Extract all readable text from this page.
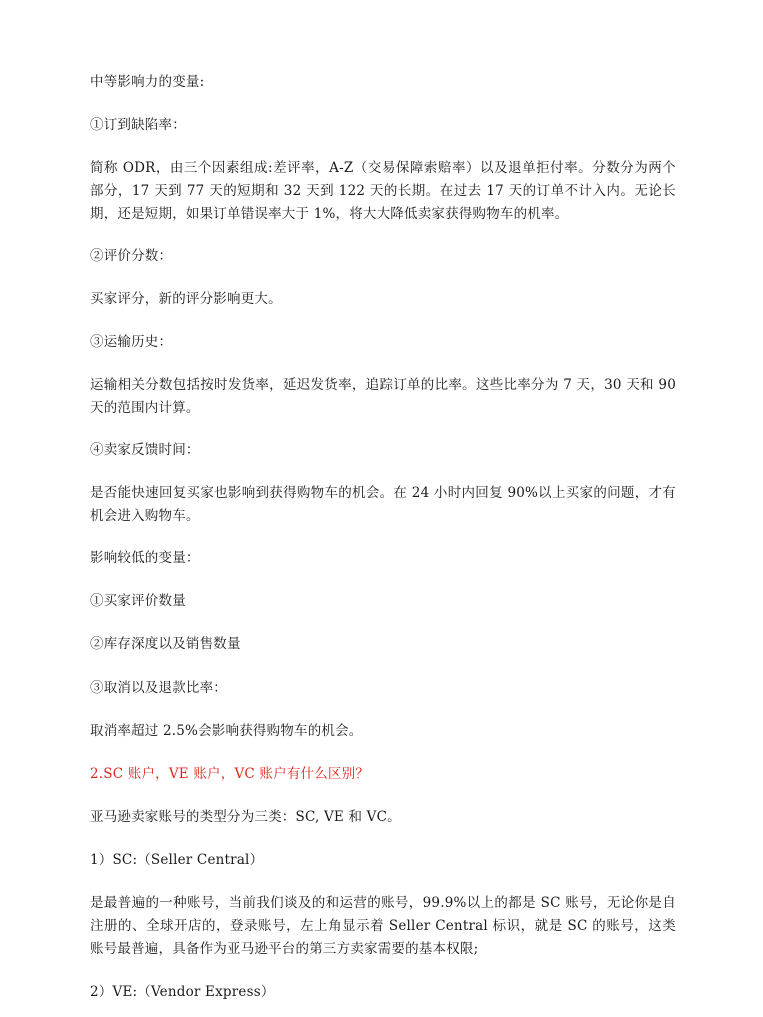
中等影响力的变量:

①订到缺陷率：

简称 ODR，由三个因素组成:差评率，A-Z（交易保障索赔率）以及退单拒付率。分数分为两个部分，17 天到 77 天的短期和 32 天到 122 天的长期。在过去 17 天的订单不计入内。无论长期，还是短期，如果订单错误率大于 1%，将大大降低卖家获得购物车的机率。

②评价分数：

买家评分，新的评分影响更大。

③运输历史：

运输相关分数包括按时发货率，延迟发货率，追踪订单的比率。这些比率分为 7 天，30 天和 90 天的范围内计算。

④卖家反馈时间：

是否能快速回复买家也影响到获得购物车的机会。在 24 小时内回复 90%以上买家的问题，才有机会进入购物车。

影响较低的变量：

①买家评价数量

②库存深度以及销售数量

③取消以及退款比率：

取消率超过 2.5%会影响获得购物车的机会。

2.SC 账户，VE 账户，VC 账户有什么区别？

亚马逊卖家账号的类型分为三类：SC, VE 和 VC。

1）SC:（Seller Central）

是最普遍的一种账号，当前我们谈及的和运营的账号，99.9%以上的都是 SC 账号，无论你是自注册的、全球开店的，登录账号，左上角显示着 Seller Central 标识，就是 SC 的账号，这类账号最普遍，具备作为亚马逊平台的第三方卖家需要的基本权限;

2）VE:（Vendor Express）
